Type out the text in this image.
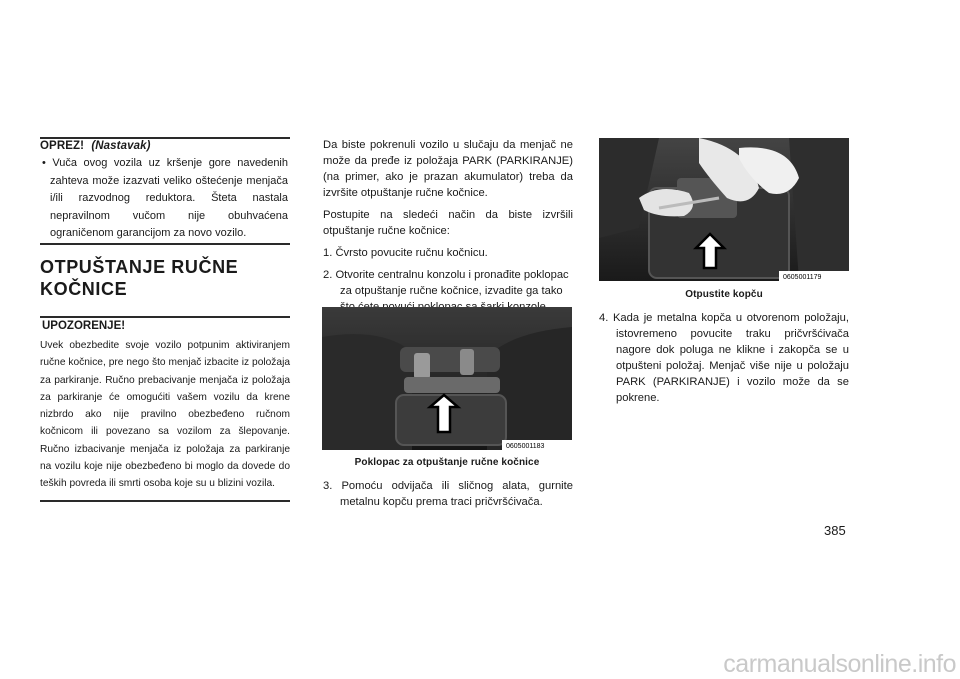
OPREZ! (Nastavak)
• Vuča ovog vozila uz kršenje gore navedenih zahteva može izazvati veliko oštećenje menjača i/ili razvodnog reduktora. Šteta nastala nepravilnom vučom nije obuhvaćena ograničenom garancijom za novo vozilo.
OTPUŠTANJE RUČNE
KOČNICE
UPOZORENJE!
Uvek obezbedite svoje vozilo potpunim aktiviranjem ručne kočnice, pre nego što menjač izbacite iz položaja za parkiranje. Ručno prebacivanje menjača iz položaja za parkiranje će omogućiti vašem vozilu da krene nizbrdo ako nije pravilno obezbeđeno ručnom kočnicom ili povezano sa vozilom za šlepovanje. Ručno izbacivanje menjača iz položaja za parkiranje na vozilu koje nije obezbeđeno bi moglo da dovede do teških povreda ili smrti osoba koje su u blizini vozila.

Da biste pokrenuli vozilo u slučaju da menjač ne može da pređe iz položaja PARK (PARKIRANJE) (na primer, ako je prazan akumulator) treba da izvršite otpuštanje ručne kočnice.

Postupite na sledeći način da biste izvršili otpuštanje ručne kočnice:

1. Čvrsto povucite ručnu kočnicu.
2. Otvorite centralnu konzolu i pronađite poklopac za otpuštanje ručne kočnice, izvadite ga tako
0605001183
Poklopac za otpuštanje ručne kočnice
3. Pomoću odvijača ili sličnog alata, gurnite metalnu kopču prema traci pričvršćivača.
0605001179
Otpustite kopču
4. Kada je metalna kopča u otvorenom položaju, istovremeno povucite traku pričvršćivača nagore dok poluga ne klikne i zakopča se u otpušteni položaj. Menjač više nije u položaju PARK (PARKIRANJE) i vozilo može da se pokrene.
385
carmanualsonline.info
